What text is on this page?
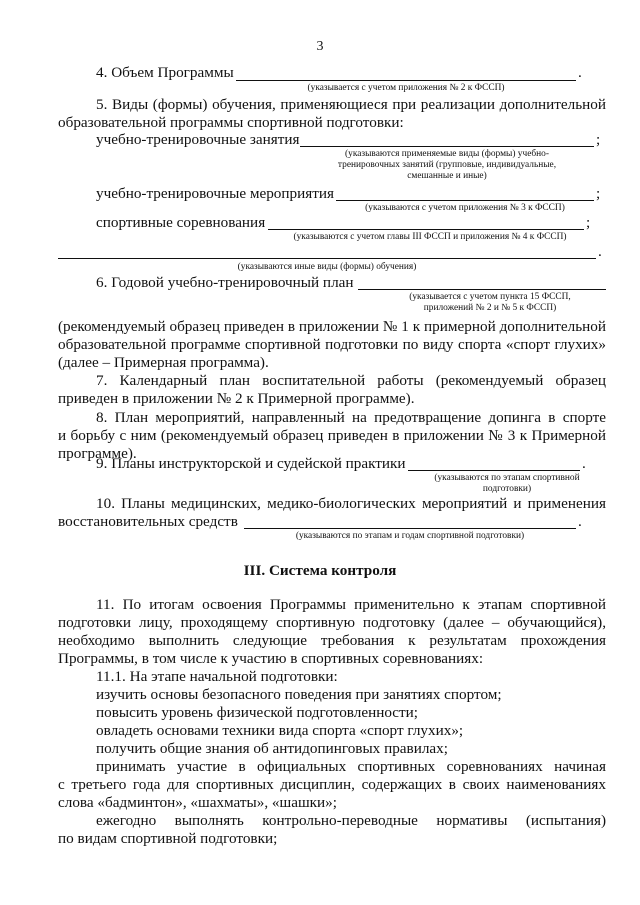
3
4. Объем Программы	.
(указывается с учетом приложения № 2 к ФССП)
5. Виды (формы) обучения, применяющиеся при реализации дополнительной
образовательной программы спортивной подготовки:
учебно-тренировочные занятия	;
(указываются применяемые виды (формы) учебно-
тренировочных занятий (групповые, индивидуальные,
смешанные и иные)
учебно-тренировочные мероприятия	;
(указываются с учетом приложения № 3 к ФССП)
спортивные соревнования	;
(указываются с учетом главы III ФССП и приложения № 4 к ФССП)
.
(указываются иные виды (формы) обучения)
6. Годовой учебно-тренировочный план
(указывается с учетом пункта 15 ФССП,
приложений № 2 и № 5 к ФССП)
(рекомендуемый образец приведен в приложении № 1 к примерной дополнительной
образовательной программе спортивной подготовки по виду спорта «спорт глухих»
(далее – Примерная программа).
7. Календарный план воспитательной работы (рекомендуемый образец
приведен в приложении № 2 к Примерной программе).
8. План мероприятий, направленный на предотвращение допинга в спорте
и борьбу с ним (рекомендуемый образец приведен в приложении № 3 к Примерной
программе).
9. Планы инструкторской и судейской практики	.
(указываются по этапам спортивной
подготовки)
10. Планы медицинских, медико-биологических мероприятий и применения
восстановительных средств	.
(указываются по этапам и годам спортивной подготовки)
III. Система контроля
11. По итогам освоения Программы применительно к этапам спортивной
подготовки лицу, проходящему спортивную подготовку (далее – обучающийся),
необходимо выполнить следующие требования к результатам прохождения
Программы, в том числе к участию в спортивных соревнованиях:
11.1. На этапе начальной подготовки:
изучить основы безопасного поведения при занятиях спортом;
повысить уровень физической подготовленности;
овладеть основами техники вида спорта «спорт глухих»;
получить общие знания об антидопинговых правилах;
принимать участие в официальных спортивных соревнованиях начиная
с третьего года для спортивных дисциплин, содержащих в своих наименованиях
слова «бадминтон», «шахматы», «шашки»;
ежегодно выполнять контрольно-переводные нормативы (испытания)
по видам спортивной подготовки;
